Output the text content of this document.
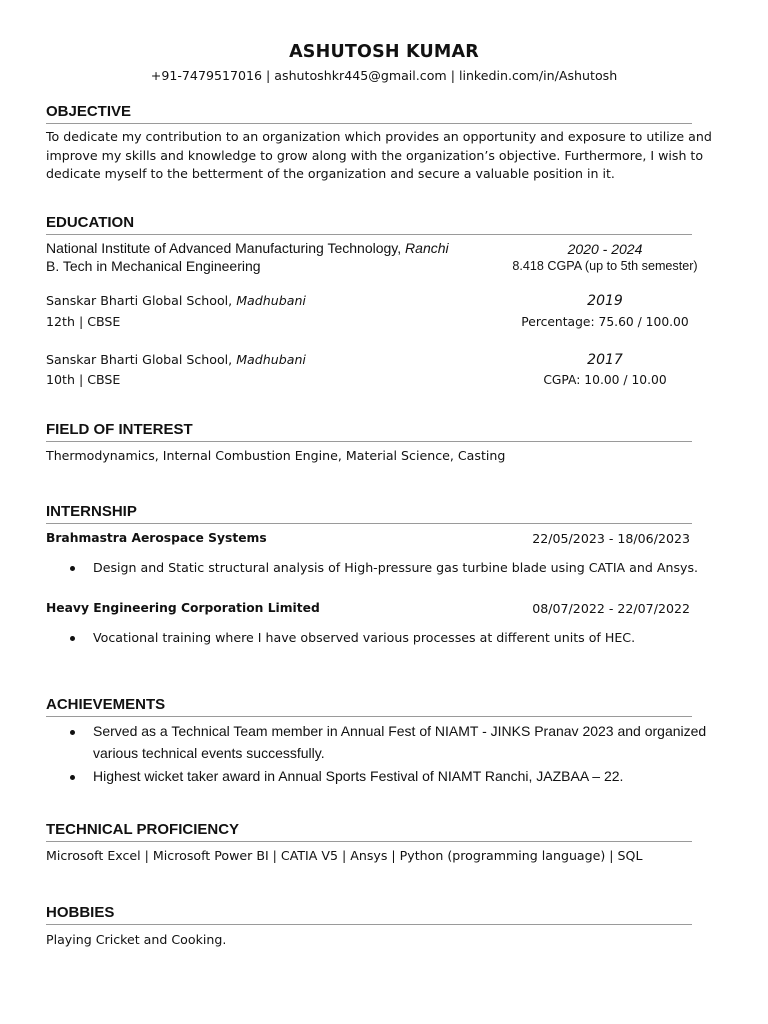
ASHUTOSH KUMAR
+91-7479517016 | ashutoshkr445@gmail.com | linkedin.com/in/Ashutosh
OBJECTIVE
To dedicate my contribution to an organization which provides an opportunity and exposure to utilize and
improve my skills and knowledge to grow along with the organization’s objective. Furthermore, I wish to
dedicate myself to the betterment of the organization and secure a valuable position in it.
EDUCATION
National Institute of Advanced Manufacturing Technology, Ranchi
B. Tech in Mechanical Engineering
2020 - 2024
8.418 CGPA (up to 5th semester)
Sanskar Bharti Global School, Madhubani
12th | CBSE
2019
Percentage: 75.60 / 100.00
Sanskar Bharti Global School, Madhubani
10th | CBSE
2017
CGPA: 10.00 / 10.00
FIELD OF INTEREST
Thermodynamics, Internal Combustion Engine, Material Science, Casting
INTERNSHIP
Brahmastra Aerospace Systems	22/05/2023 - 18/06/2023
Design and Static structural analysis of High-pressure gas turbine blade using CATIA and Ansys.
Heavy Engineering Corporation Limited	08/07/2022 - 22/07/2022
Vocational training where I have observed various processes at different units of HEC.
ACHIEVEMENTS
Served as a Technical Team member in Annual Fest of NIAMT - JINKS Pranav 2023 and organized
various technical events successfully.
Highest wicket taker award in Annual Sports Festival of NIAMT Ranchi, JAZBAA – 22.
TECHNICAL PROFICIENCY
Microsoft Excel | Microsoft Power BI | CATIA V5 | Ansys | Python (programming language) | SQL
HOBBIES
Playing Cricket and Cooking.
